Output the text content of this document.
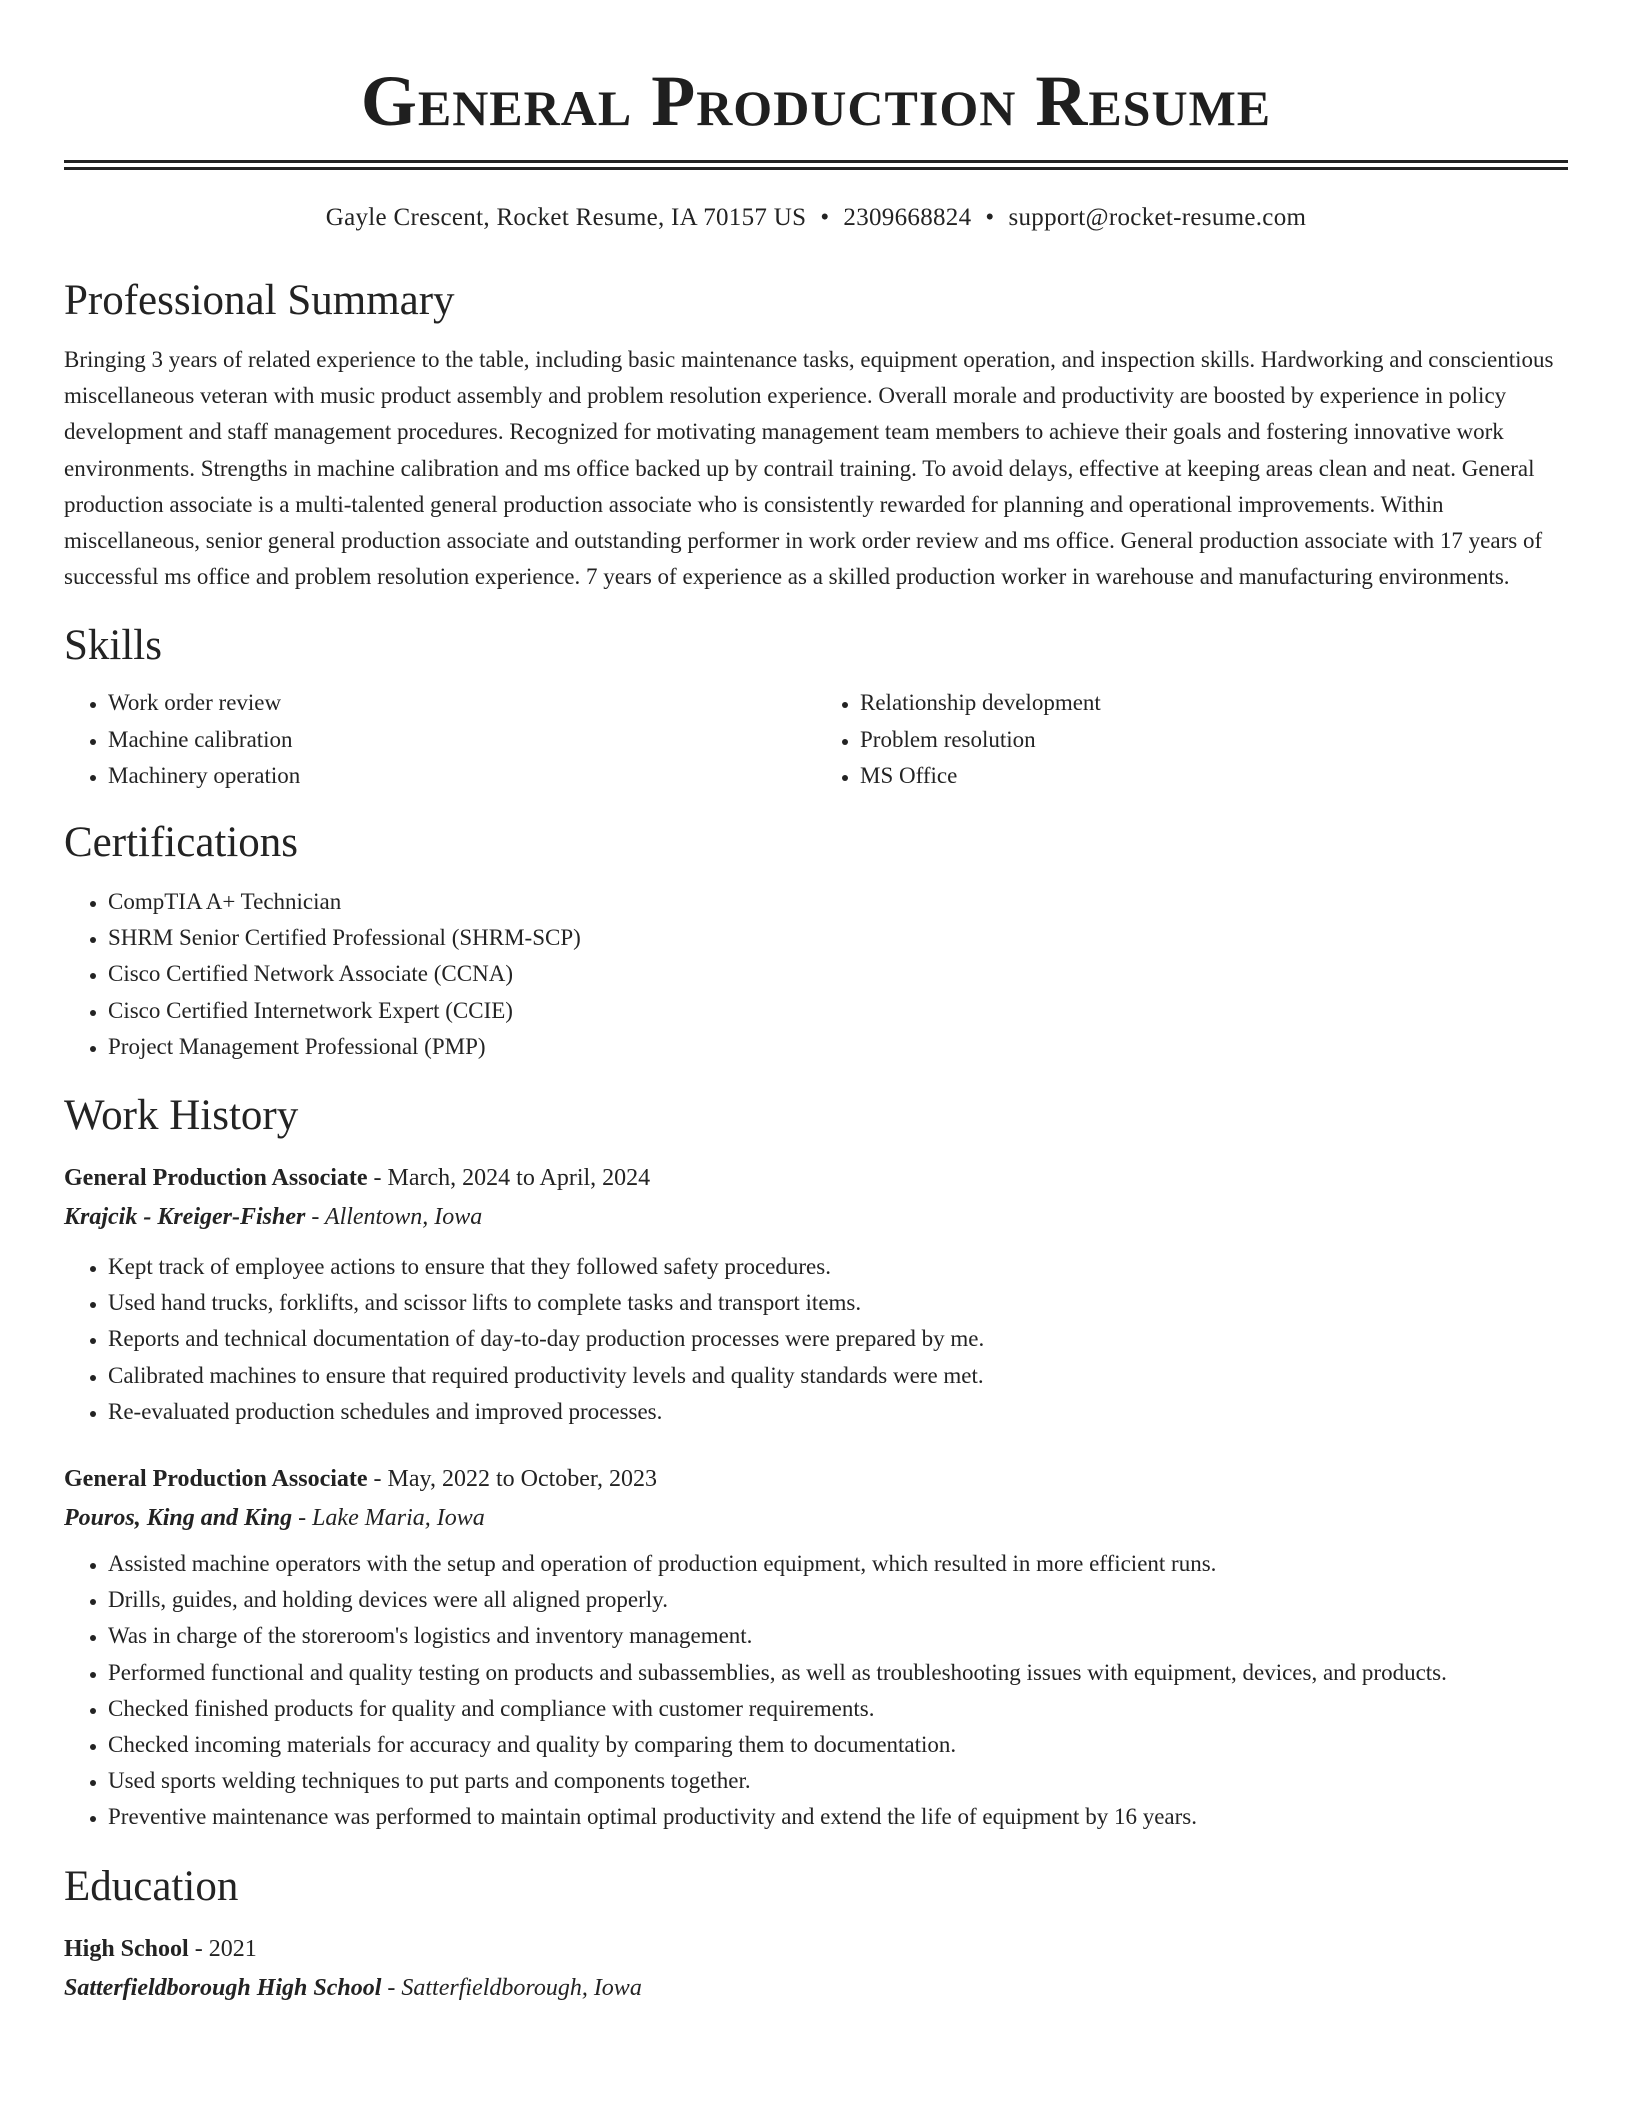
General Production Resume
Gayle Crescent, Rocket Resume, IA 70157 US • 2309668824 • support@rocket-resume.com
Professional Summary

Bringing 3 years of related experience to the table, including basic maintenance tasks, equipment operation, and inspection skills. Hardworking and conscientious miscellaneous veteran with music product assembly and problem resolution experience. Overall morale and productivity are boosted by experience in policy development and staff management procedures. Recognized for motivating management team members to achieve their goals and fostering innovative work environments. Strengths in machine calibration and ms office backed up by contrail training. To avoid delays, effective at keeping areas clean and neat. General production associate is a multi-talented general production associate who is consistently rewarded for planning and operational improvements. Within miscellaneous, senior general production associate and outstanding performer in work order review and ms office. General production associate with 17 years of successful ms office and problem resolution experience. 7 years of experience as a skilled production worker in warehouse and manufacturing environments.

Skills
• Work order review
• Machine calibration
• Machinery operation
• Relationship development
• Problem resolution
• MS Office
Certifications
• CompTIA A+ Technician
• SHRM Senior Certified Professional (SHRM-SCP)
• Cisco Certified Network Associate (CCNA)
• Cisco Certified Internetwork Expert (CCIE)
• Project Management Professional (PMP)
Work History
General Production Associate - March, 2024 to April, 2024
Krajcik - Kreiger-Fisher - Allentown, Iowa
• Kept track of employee actions to ensure that they followed safety procedures.
• Used hand trucks, forklifts, and scissor lifts to complete tasks and transport items.
• Reports and technical documentation of day-to-day production processes were prepared by me.
• Calibrated machines to ensure that required productivity levels and quality standards were met.
• Re-evaluated production schedules and improved processes.
General Production Associate - May, 2022 to October, 2023
Pouros, King and King - Lake Maria, Iowa
• Assisted machine operators with the setup and operation of production equipment, which resulted in more efficient runs.
• Drills, guides, and holding devices were all aligned properly.
• Was in charge of the storeroom's logistics and inventory management.
• Performed functional and quality testing on products and subassemblies, as well as troubleshooting issues with equipment, devices, and products.
• Checked finished products for quality and compliance with customer requirements.
• Checked incoming materials for accuracy and quality by comparing them to documentation.
• Used sports welding techniques to put parts and components together.
• Preventive maintenance was performed to maintain optimal productivity and extend the life of equipment by 16 years.
Education
High School - 2021
Satterfieldborough High School - Satterfieldborough, Iowa
